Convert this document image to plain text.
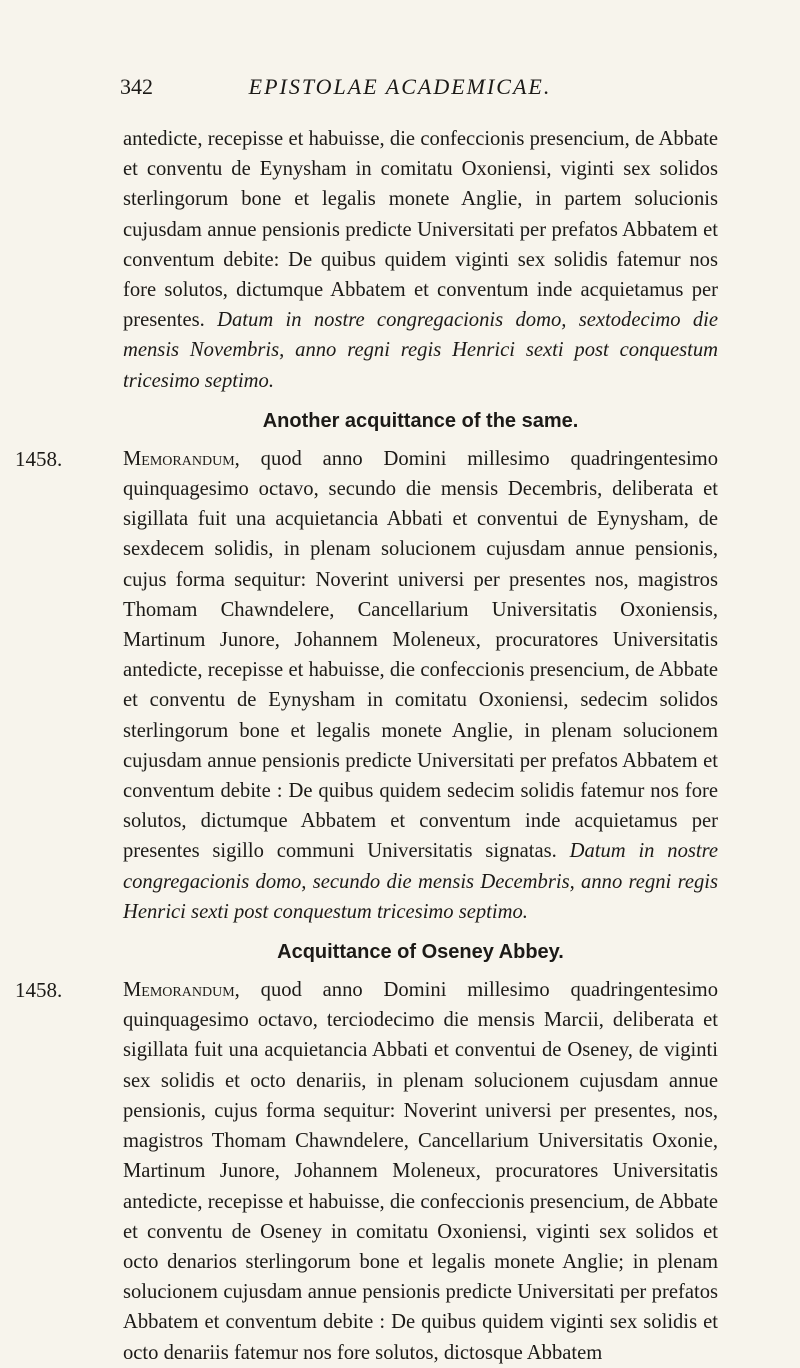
342	EPISTOLAE ACADEMICAE.

antedicte, recepisse et habuisse, die confeccionis presencium, de Abbate et conventu de Eynysham in comitatu Oxoniensi, viginti sex solidos sterlingorum bone et legalis monete Anglie, in partem solucionis cujusdam annue pensionis predicte Universitati per prefatos Abbatem et conventum debite: De quibus quidem viginti sex solidis fatemur nos fore solutos, dictumque Abbatem et conventum inde acquietamus per presentes. Datum in nostre congregacionis domo, sextodecimo die mensis Novembris, anno regni regis Henrici sexti post conquestum tricesimo septimo.

Another acquittance of the same.
1458.	Memorandum, quod anno Domini millesimo quadringentesimo quinquagesimo octavo, secundo die mensis Decembris, deliberata et sigillata fuit una acquietancia Abbati et conventui de Eynysham, de sexdecem solidis, in plenam solucionem cujusdam annue pensionis, cujus forma sequitur: Noverint universi per presentes nos, magistros Thomam Chawndelere, Cancellarium Universitatis Oxoniensis, Martinum Junore, Johannem Moleneux, procuratores Universitatis antedicte, recepisse et habuisse, die confeccionis presencium, de Abbate et conventu de Eynysham in comitatu Oxoniensi, sedecim solidos sterlingorum bone et legalis monete Anglie, in plenam solucionem cujusdam annue pensionis predicte Universitati per prefatos Abbatem et conventum debite : De quibus quidem sedecim solidis fatemur nos fore solutos, dictumque Abbatem et conventum inde acquietamus per presentes sigillo communi Universitatis signatas. Datum in nostre congregacionis domo, secundo die mensis Decembris, anno regni regis Henrici sexti post conquestum tricesimo septimo.

Acquittance of Oseney Abbey.
1458.	Memorandum, quod anno Domini millesimo quadringentesimo quinquagesimo octavo, terciodecimo die mensis Marcii, deliberata et sigillata fuit una acquietancia Abbati et conventui de Oseney, de viginti sex solidis et octo denariis, in plenam solucionem cujusdam annue pensionis, cujus forma sequitur: Noverint universi per presentes, nos, magistros Thomam Chawndelere, Cancellarium Universitatis Oxonie, Martinum Junore, Johannem Moleneux, procuratores Universitatis antedicte, recepisse et habuisse, die confeccionis presencium, de Abbate et conventu de Oseney in comitatu Oxoniensi, viginti sex solidos et octo denarios sterlingorum bone et legalis monete Anglie; in plenam solucionem cujusdam annue pensionis predicte Universitati per prefatos Abbatem et conventum debite : De quibus quidem viginti sex solidis et octo denariis fatemur nos fore solutos, dictosque Abbatem
